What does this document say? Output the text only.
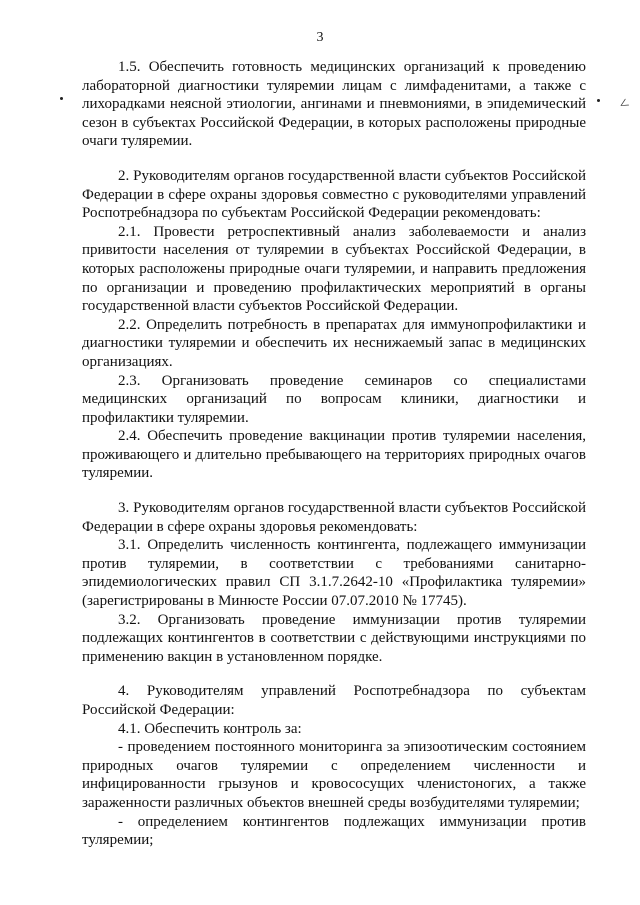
3
<

1.5. Обеспечить готовность медицинских организаций к проведению лабораторной диагностики туляремии лицам с лимфаденитами, а также с лихорадками неясной этиологии, ангинами и пневмониями, в эпидемический сезон в субъектах Российской Федерации, в которых расположены природные очаги туляремии.

2. Руководителям органов государственной власти субъектов Российской Федерации в сфере охраны здоровья совместно с руководителями управлений Роспотребнадзора по субъектам Российской Федерации рекомендовать:

2.1. Провести ретроспективный анализ заболеваемости и анализ привитости населения от туляремии в субъектах Российской Федерации, в которых расположены природные очаги туляремии, и направить предложения по организации и проведению профилактических мероприятий в органы государственной власти субъектов Российской Федерации.

2.2. Определить потребность в препаратах для иммунопрофилактики и диагностики туляремии и обеспечить их неснижаемый запас в медицинских организациях.

2.3. Организовать проведение семинаров со специалистами медицинских организаций по вопросам клиники, диагностики и профилактики туляремии.

2.4. Обеспечить проведение вакцинации против туляремии населения, проживающего и длительно пребывающего на территориях природных очагов туляремии.

3. Руководителям органов государственной власти субъектов Российской Федерации в сфере охраны здоровья рекомендовать:

3.1. Определить численность контингента, подлежащего иммунизации против туляремии, в соответствии с требованиями санитарно-эпидемиологических правил СП 3.1.7.2642-10 «Профилактика туляремии» (зарегистрированы в Минюсте России 07.07.2010 № 17745).

3.2. Организовать проведение иммунизации против туляремии подлежащих контингентов в соответствии с действующими инструкциями по применению вакцин в установленном порядке.

4. Руководителям управлений Роспотребнадзора по субъектам Российской Федерации:

4.1. Обеспечить контроль за:

- проведением постоянного мониторинга за эпизоотическим состоянием природных очагов туляремии с определением численности и инфицированности грызунов и кровососущих членистоногих, а также зараженности различных объектов внешней среды возбудителями туляремии;

- определением контингентов подлежащих иммунизации против туляремии;
